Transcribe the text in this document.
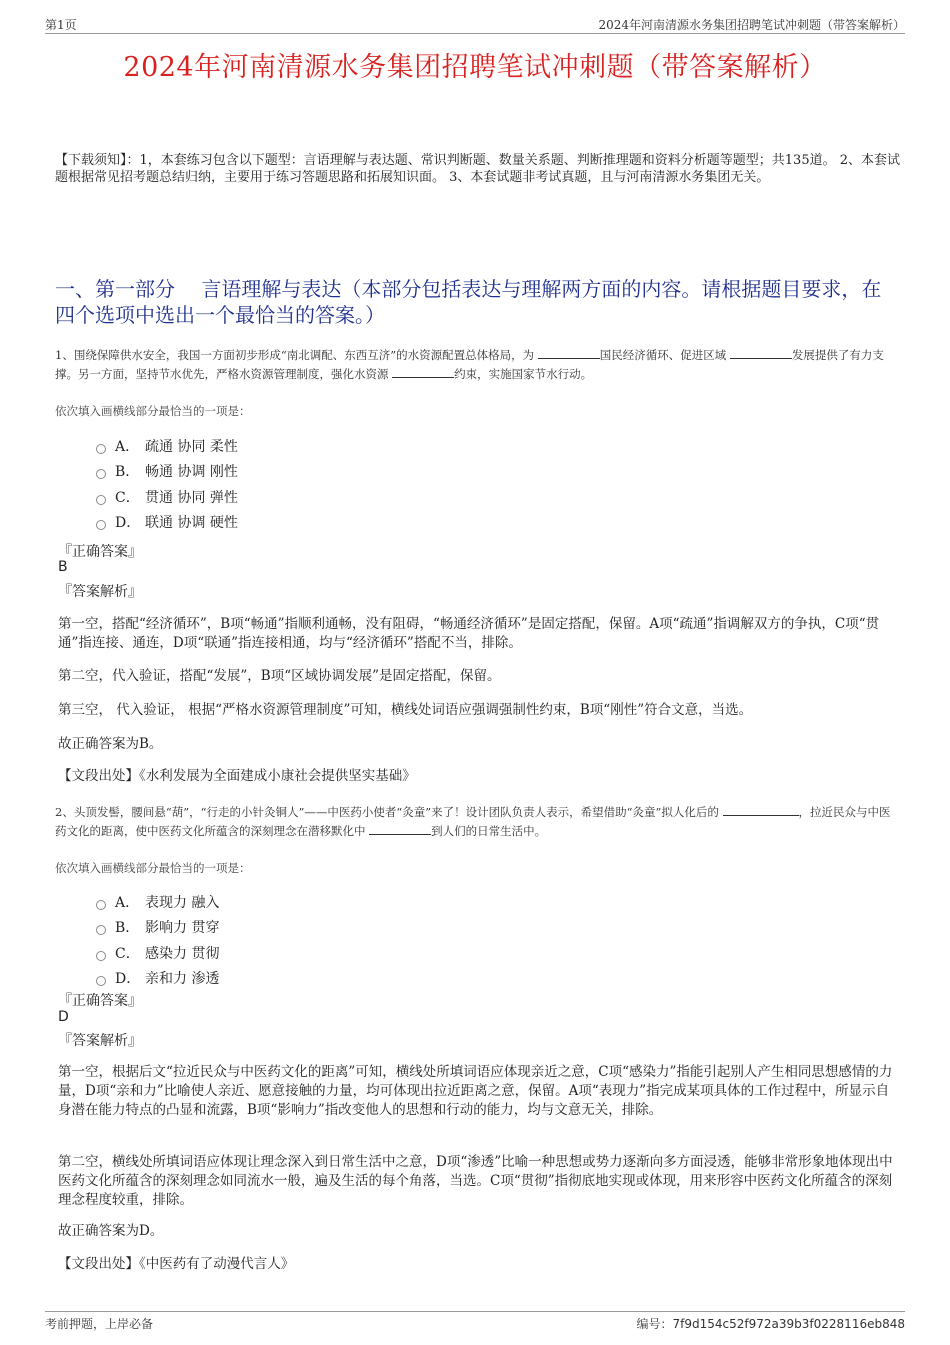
第1页	2024年河南清源水务集团招聘笔试冲刺题（带答案解析）
2024年河南清源水务集团招聘笔试冲刺题（带答案解析）
【下载须知】：1，本套练习包含以下题型：言语理解与表达题、常识判断题、数量关系题、判断推理题和资料分析题等题型；共135道。 2、本套试题根据常见招考题总结归纳，主要用于练习答题思路和拓展知识面。 3、本套试题非考试真题，且与河南清源水务集团无关。
一、第一部分　 言语理解与表达（本部分包括表达与理解两方面的内容。请根据题目要求，在四个选项中选出一个最恰当的答案。）
1、围绕保障供水安全，我国一方面初步形成“南北调配、东西互济”的水资源配置总体格局，为	国民经济循环、促进区域	发展提供了有力支撑。另一方面，坚持节水优先，严格水资源管理制度，强化水资源	约束，实施国家节水行动。
依次填入画横线部分最恰当的一项是：
A． 疏通 协同 柔性
B． 畅通 协调 刚性
C． 贯通 协同 弹性
D． 联通 协调 硬性
『正确答案』
B
『答案解析』
第一空，搭配“经济循环”，B项“畅通”指顺利通畅，没有阻碍，“畅通经济循环”是固定搭配，保留。A项“疏通”指调解双方的争执，C项“贯通”指连接、通连，D项“联通”指连接相通，均与“经济循环”搭配不当，排除。
第二空，代入验证，搭配“发展”，B项“区域协调发展”是固定搭配，保留。
第三空， 代入验证， 根据“严格水资源管理制度”可知，横线处词语应强调强制性约束，B项“刚性”符合文意，当选。
故正确答案为B。
【文段出处】《水利发展为全面建成小康社会提供坚实基础》
2、头顶发髻，腰间悬“葫”，“行走的小针灸铜人”——中医药小使者“灸童”来了！设计团队负责人表示，希望借助“灸童”拟人化后的	，拉近民众与中医药文化的距离，使中医药文化所蕴含的深刻理念在潜移默化中	到人们的日常生活中。
依次填入画横线部分最恰当的一项是：
A． 表现力 融入
B． 影响力 贯穿
C． 感染力 贯彻
D． 亲和力 渗透
『正确答案』
D
『答案解析』
第一空，根据后文“拉近民众与中医药文化的距离”可知，横线处所填词语应体现亲近之意，C项“感染力”指能引起别人产生相同思想感情的力量，D项“亲和力”比喻使人亲近、愿意接触的力量，均可体现出拉近距离之意，保留。A项“表现力”指完成某项具体的工作过程中，所显示自身潜在能力特点的凸显和流露，B项“影响力”指改变他人的思想和行动的能力，均与文意无关，排除。
第二空，横线处所填词语应体现让理念深入到日常生活中之意，D项“渗透”比喻一种思想或势力逐渐向多方面浸透，能够非常形象地体现出中医药文化所蕴含的深刻理念如同流水一般，遍及生活的每个角落，当选。C项“贯彻”指彻底地实现或体现，用来形容中医药文化所蕴含的深刻理念程度较重，排除。
故正确答案为D。
【文段出处】《中医药有了动漫代言人》
考前押题，上岸必备	编号：7f9d154c52f972a39b3f0228116eb848
